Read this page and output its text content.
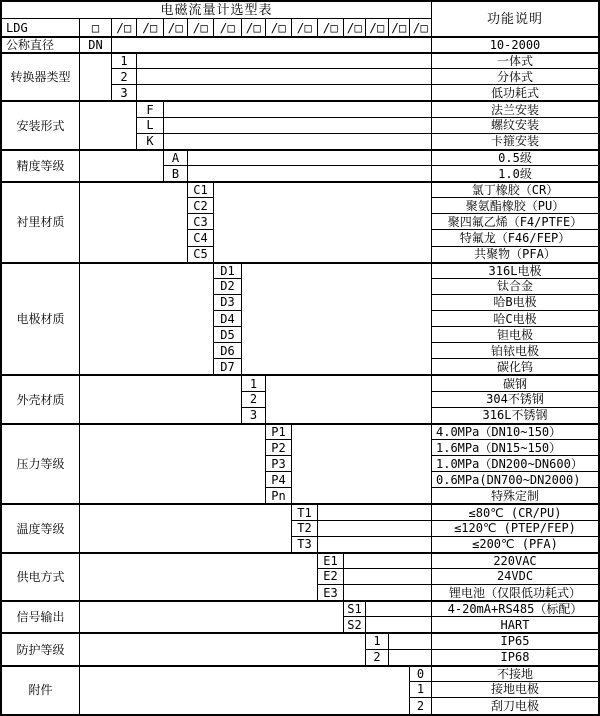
电磁流量计选型表
功能说明
LDG	□	/□ /□ /□ /□	/□ /□ /□ /□ /□ /□ /□ /□ /□
公称直径	DN	10-2000
转换器类型
1	一体式
2	分体式
3	低功耗式
安装形式
F	法兰安装
L	螺纹安装
K	卡箍安装
精度等级
A	0.5级
B	1.0级
衬里材质
C1	氯丁橡胶（CR）
C2	聚氨酯橡胶（PU）
C3	聚四氟乙烯（F4/PTFE）
C4	特氟龙（F46/FEP）
C5	共聚物（PFA）
电极材质
D1	316L电极
D2	钛合金
D3	哈B电极
D4	哈C电极
D5	钽电极
D6	铂铱电极
D7	碳化钨
外壳材质
1	碳钢
2	304不锈钢
3	316L不锈钢
压力等级
P1	4.0MPa（DN10~150）
P2	1.6MPa（DN15~150）
P3	1.0MPa（DN200~DN600）
P4	0.6MPa(DN700~DN2000)
Pn	特殊定制
温度等级
T1	≤80℃ (CR/PU)
T2	≤120℃ (PTEP/FEP)
T3	≤200℃ (PFA)
供电方式
E1	220VAC
E2	24VDC
E3	锂电池（仅限低功耗式）
信号输出
S1	4-20mA+RS485（标配）
S2	HART
防护等级
1	IP65
2	IP68
附件
0	不接地
1	接地电极
2	刮刀电极
